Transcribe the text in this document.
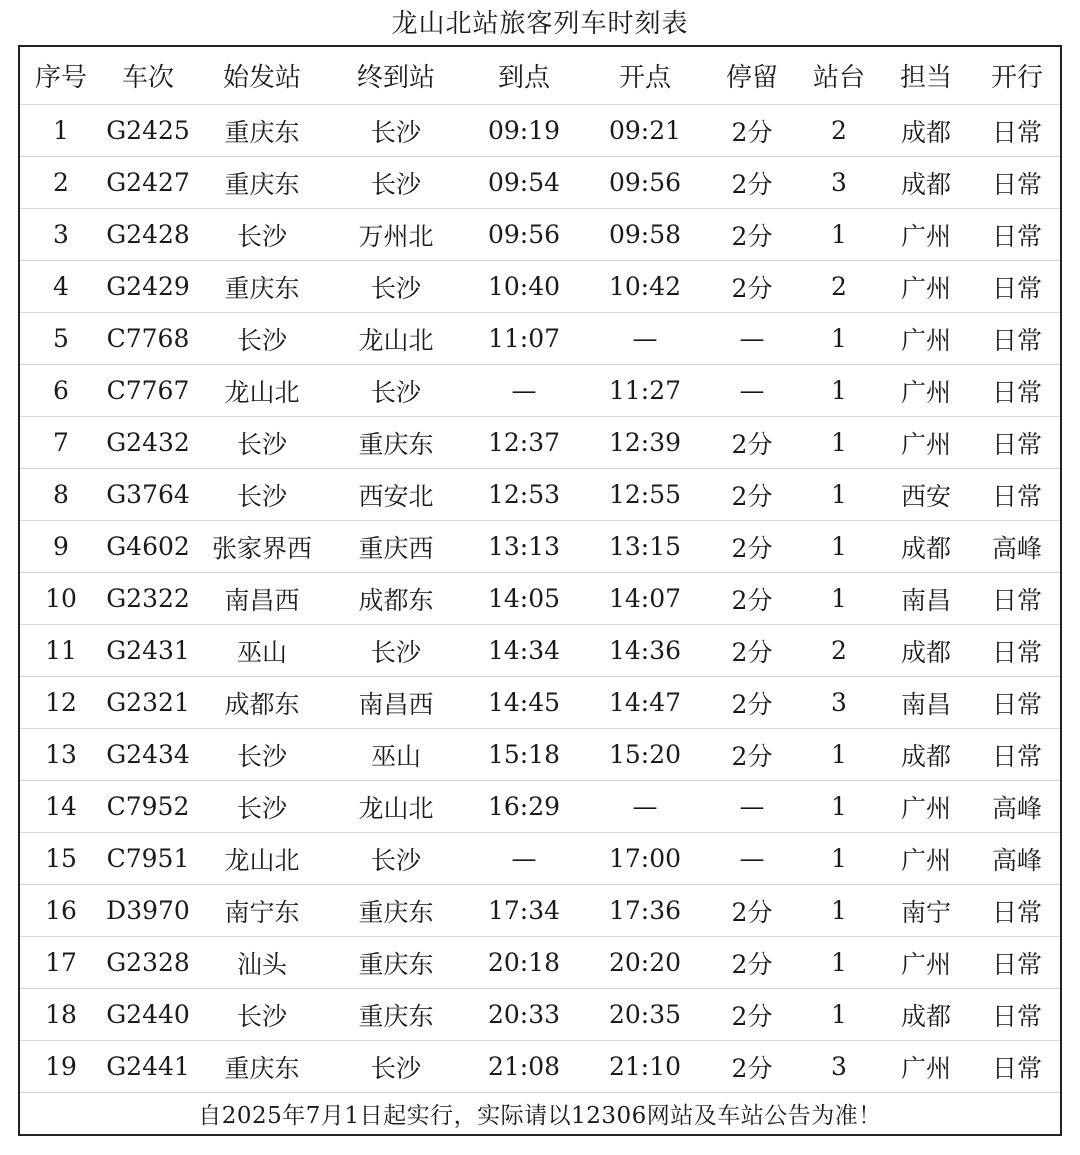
龙山北站旅客列车时刻表
序号	车次	始发站	终到站	到点	开点	停留	站台	担当	开行
1	G2425	重庆东	长沙	09:19	09:21	2分	2	成都	日常
2	G2427	重庆东	长沙	09:54	09:56	2分	3	成都	日常
3	G2428	长沙	万州北	09:56	09:58	2分	1	广州	日常
4	G2429	重庆东	长沙	10:40	10:42	2分	2	广州	日常
5	C7768	长沙	龙山北	11:07	—	—	1	广州	日常
6	C7767	龙山北	长沙	—	11:27	—	1	广州	日常
7	G2432	长沙	重庆东	12:37	12:39	2分	1	广州	日常
8	G3764	长沙	西安北	12:53	12:55	2分	1	西安	日常
9	G4602	张家界西	重庆西	13:13	13:15	2分	1	成都	高峰
10	G2322	南昌西	成都东	14:05	14:07	2分	1	南昌	日常
11	G2431	巫山	长沙	14:34	14:36	2分	2	成都	日常
12	G2321	成都东	南昌西	14:45	14:47	2分	3	南昌	日常
13	G2434	长沙	巫山	15:18	15:20	2分	1	成都	日常
14	C7952	长沙	龙山北	16:29	—	—	1	广州	高峰
15	C7951	龙山北	长沙	—	17:00	—	1	广州	高峰
16	D3970	南宁东	重庆东	17:34	17:36	2分	1	南宁	日常
17	G2328	汕头	重庆东	20:18	20:20	2分	1	广州	日常
18	G2440	长沙	重庆东	20:33	20:35	2分	1	成都	日常
19	G2441	重庆东	长沙	21:08	21:10	2分	3	广州	日常
自2025年7月1日起实行，实际请以12306网站及车站公告为准！
